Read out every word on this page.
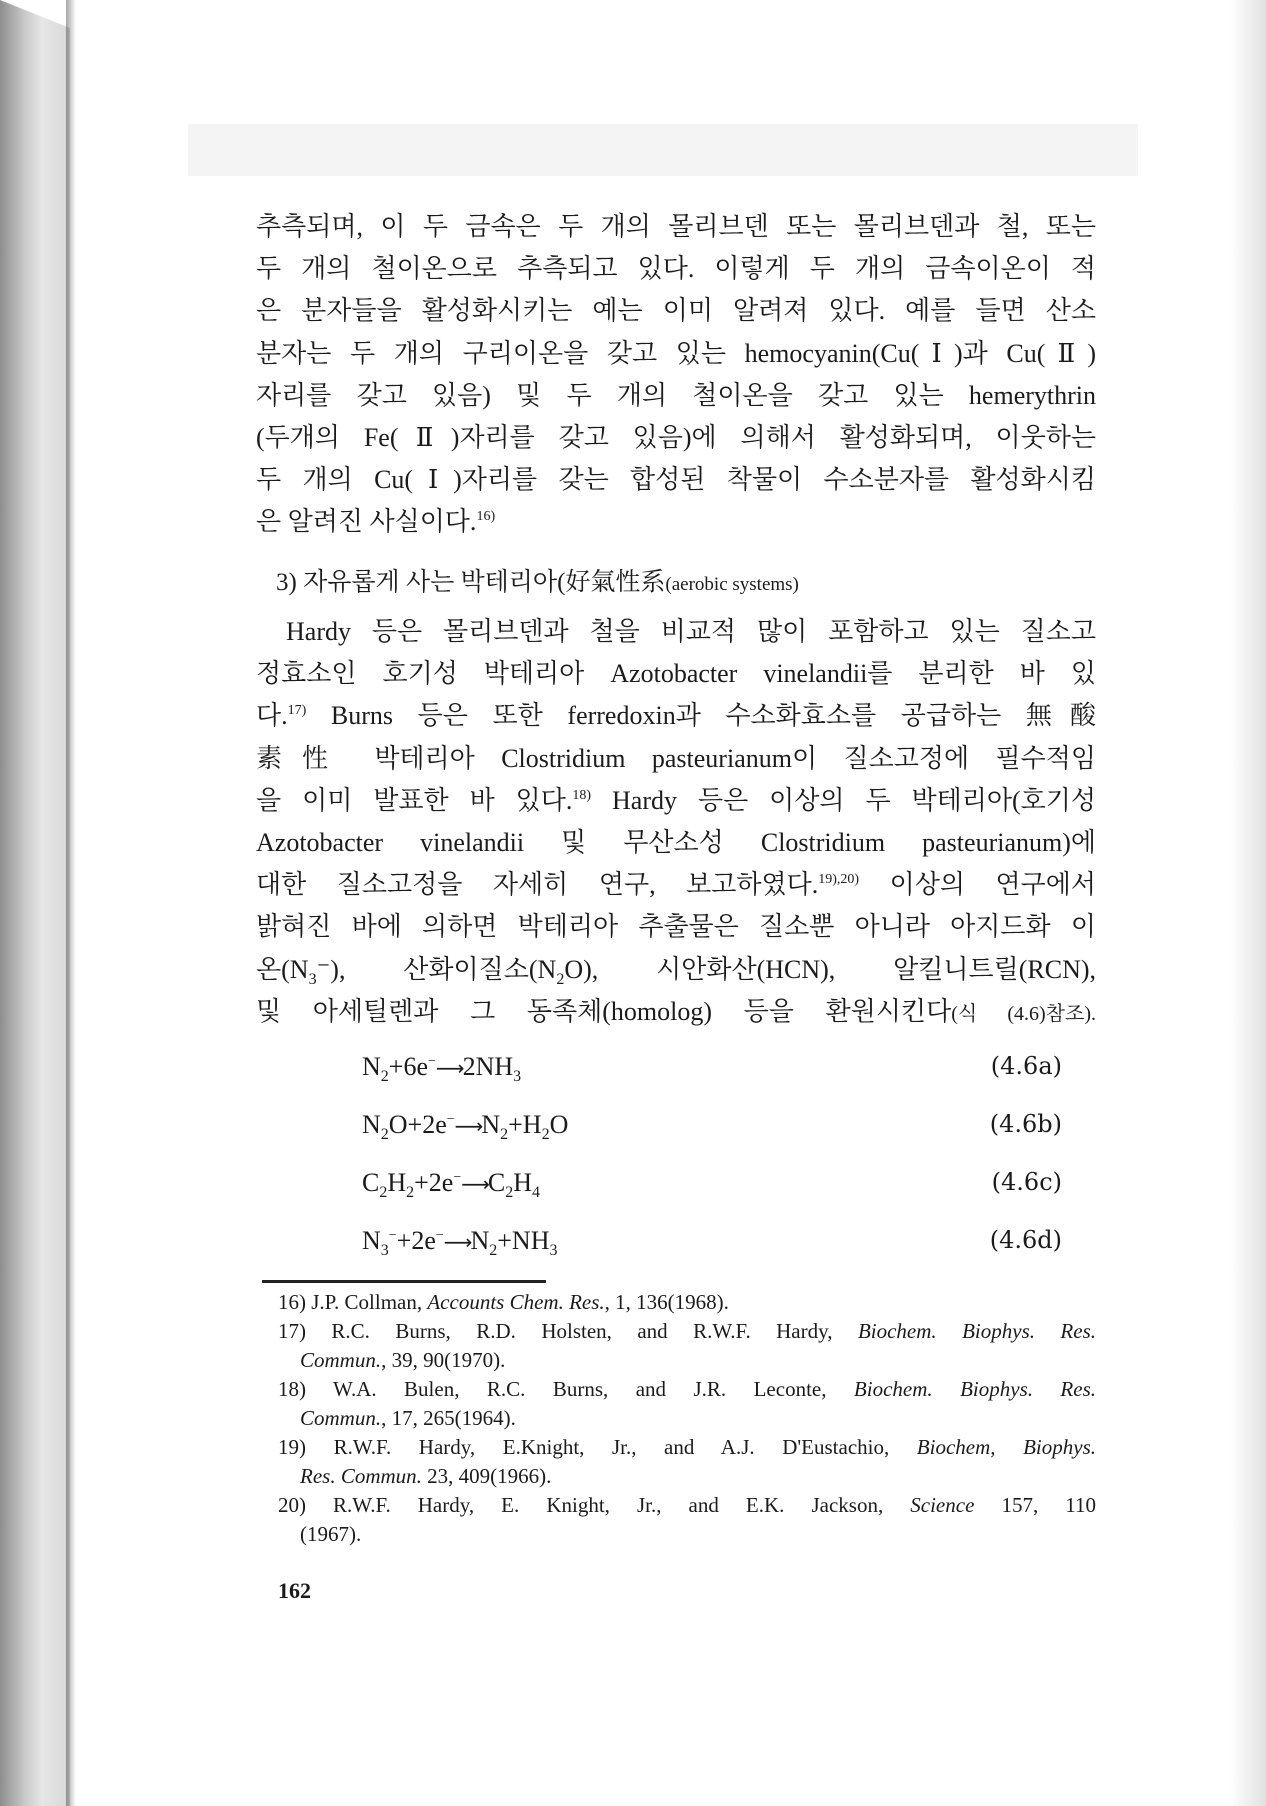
추측되며, 이 두 금속은 두 개의 몰리브덴 또는 몰리브덴과 철, 또는

두 개의 철이온으로 추측되고 있다. 이렇게 두 개의 금속이온이 적

은 분자들을 활성화시키는 예는 이미 알려져 있다. 예를 들면 산소

분자는 두 개의 구리이온을 갖고 있는 hemocyanin(Cu(Ⅰ)과 Cu(Ⅱ)

자리를 갖고 있음) 및 두 개의 철이온을 갖고 있는 hemerythrin

(두개의 Fe(Ⅱ)자리를 갖고 있음)에 의해서 활성화되며, 이웃하는

두 개의 Cu(Ⅰ)자리를 갖는 합성된 착물이 수소분자를 활성화시킴

은 알려진 사실이다.$^{16)}$

3) 자유롭게 사는 박테리아(好氣性系(aerobic systems)

Hardy 등은 몰리브덴과 철을 비교적 많이 포함하고 있는 질소고

정효소인 호기성 박테리아 Azotobacter vinelandii를 분리한 바 있

다.$^{17)}$ Burns 등은 또한 ferredoxin과 수소화효소를 공급하는 無酸

素性 박테리아 Clostridium pasteurianum이 질소고정에 필수적임

을 이미 발표한 바 있다.$^{18)}$ Hardy 등은 이상의 두 박테리아(호기성

Azotobacter vinelandii 및 무산소성 Clostridium pasteurianum)에

대한 질소고정을 자세히 연구, 보고하였다.$^{19),20)}$ 이상의 연구에서

밝혀진 바에 의하면 박테리아 추출물은 질소뿐 아니라 아지드화 이

온$(N_3^-)$, 산화이질소$(N_2O)$, 시안화산(HCN), 알킬니트릴(RCN),

및 아세틸렌과 그 동족체(homolog) 등을 환원시킨다(식 (4.6)참조).

$N_2+6e^-⟶2NH_3$	(4.6a)
$N_2O+2e^-⟶N_2+H_2O$	(4.6b)
$C_2H_2+2e^-⟶C_2H_4$	(4.6c)
$N_3^-+2e^-⟶N_2+NH_3$	(4.6d)

16) J.P. Collman, Accounts Chem. Res., 1, 136(1968).

17) R.C. Burns, R.D. Holsten, and R.W.F. Hardy, Biochem. Biophys. Res.
Commun., 39, 90(1970).

18) W.A. Bulen, R.C. Burns, and J.R. Leconte, Biochem. Biophys. Res.
Commun., 17, 265(1964).

19) R.W.F. Hardy, E.Knight, Jr., and A.J. D'Eustachio, Biochem, Biophys.
Res. Commun. 23, 409(1966).

20) R.W.F. Hardy, E. Knight, Jr., and E.K. Jackson, Science 157, 110
(1967).

162
